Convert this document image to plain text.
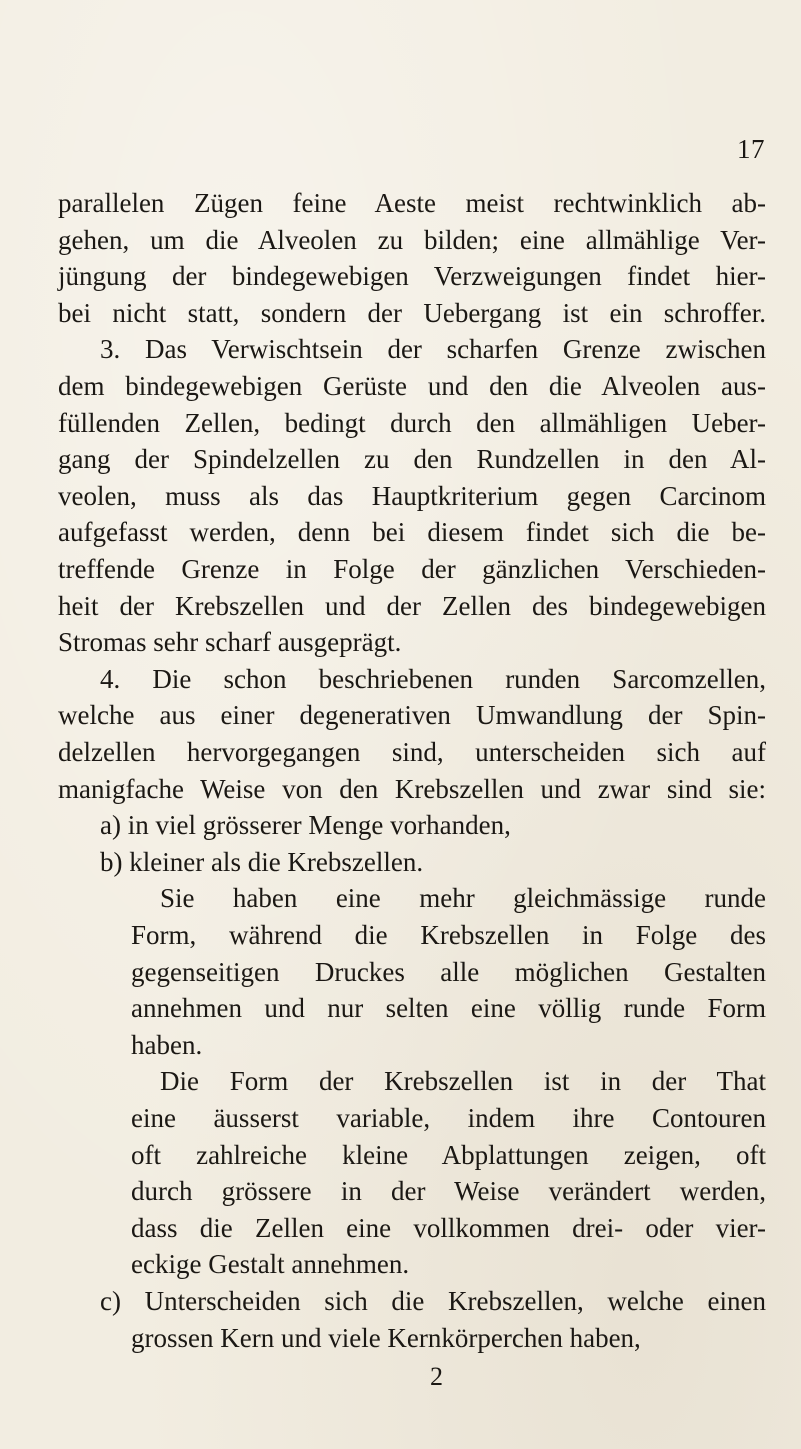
17
parallelen Zügen feine Aeste meist rechtwinklich ab-
gehen, um die Alveolen zu bilden; eine allmählige Ver-
jüngung der bindegewebigen Verzweigungen findet hier-
bei nicht statt, sondern der Uebergang ist ein schroffer.
3. Das Verwischtsein der scharfen Grenze zwischen
dem bindegewebigen Gerüste und den die Alveolen aus-
füllenden Zellen, bedingt durch den allmähligen Ueber-
gang der Spindelzellen zu den Rundzellen in den Al-
veolen, muss als das Hauptkriterium gegen Carcinom
aufgefasst werden, denn bei diesem findet sich die be-
treffende Grenze in Folge der gänzlichen Verschieden-
heit der Krebszellen und der Zellen des bindegewebigen
Stromas sehr scharf ausgeprägt.
4. Die schon beschriebenen runden Sarcomzellen,
welche aus einer degenerativen Umwandlung der Spin-
delzellen hervorgegangen sind, unterscheiden sich auf
manigfache Weise von den Krebszellen und zwar sind sie:
a) in viel grösserer Menge vorhanden,
b) kleiner als die Krebszellen.
Sie haben eine mehr gleichmässige runde
Form, während die Krebszellen in Folge des
gegenseitigen Druckes alle möglichen Gestalten
annehmen und nur selten eine völlig runde Form
haben.
Die Form der Krebszellen ist in der That
eine äusserst variable, indem ihre Contouren
oft zahlreiche kleine Abplattungen zeigen, oft
durch grössere in der Weise verändert werden,
dass die Zellen eine vollkommen drei- oder vier-
eckige Gestalt annehmen.
c) Unterscheiden sich die Krebszellen, welche einen
grossen Kern und viele Kernkörperchen haben,
2
